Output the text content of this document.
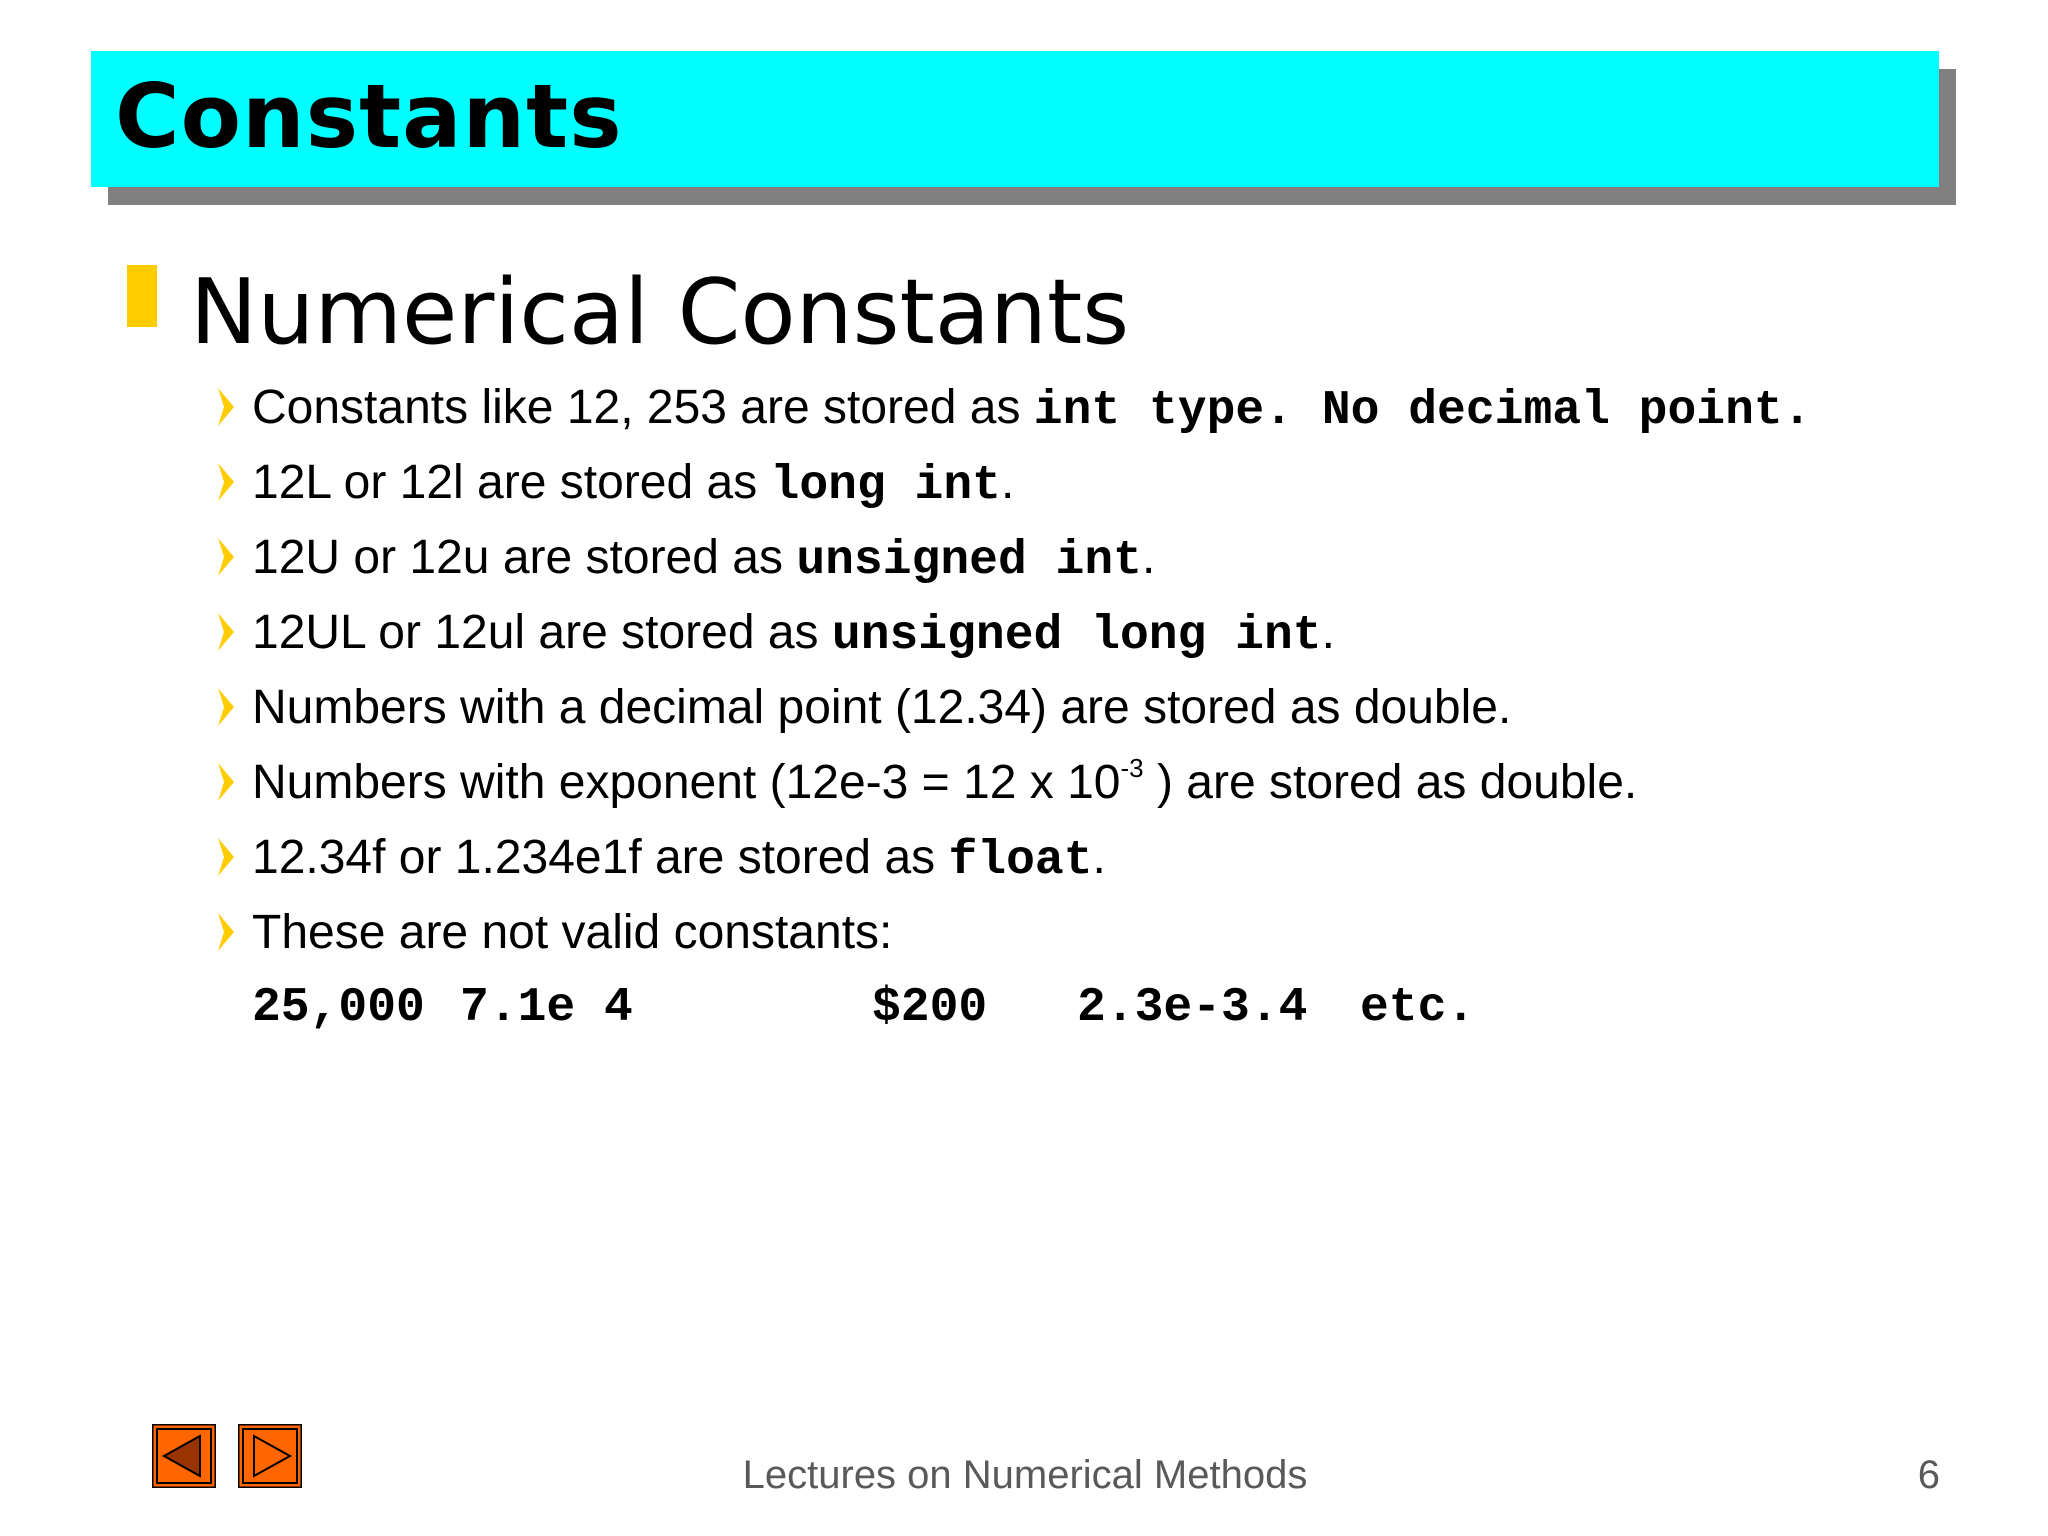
Constants
Numerical Constants
Constants like 12, 253 are stored as int type. No decimal point.
12L or 12l are stored as long int.
12U or 12u are stored as unsigned int.
12UL or 12ul are stored as unsigned long int.
Numbers with a decimal point (12.34) are stored as double.
Numbers with exponent (12e-3 = 12 x $10^{-3}$ ) are stored as double.
12.34f or 1.234e1f are stored as float.
These are not valid constants:
25,000 7.1e 4	$200 2.3e-3.4 etc.
Lectures on Numerical Methods	6
